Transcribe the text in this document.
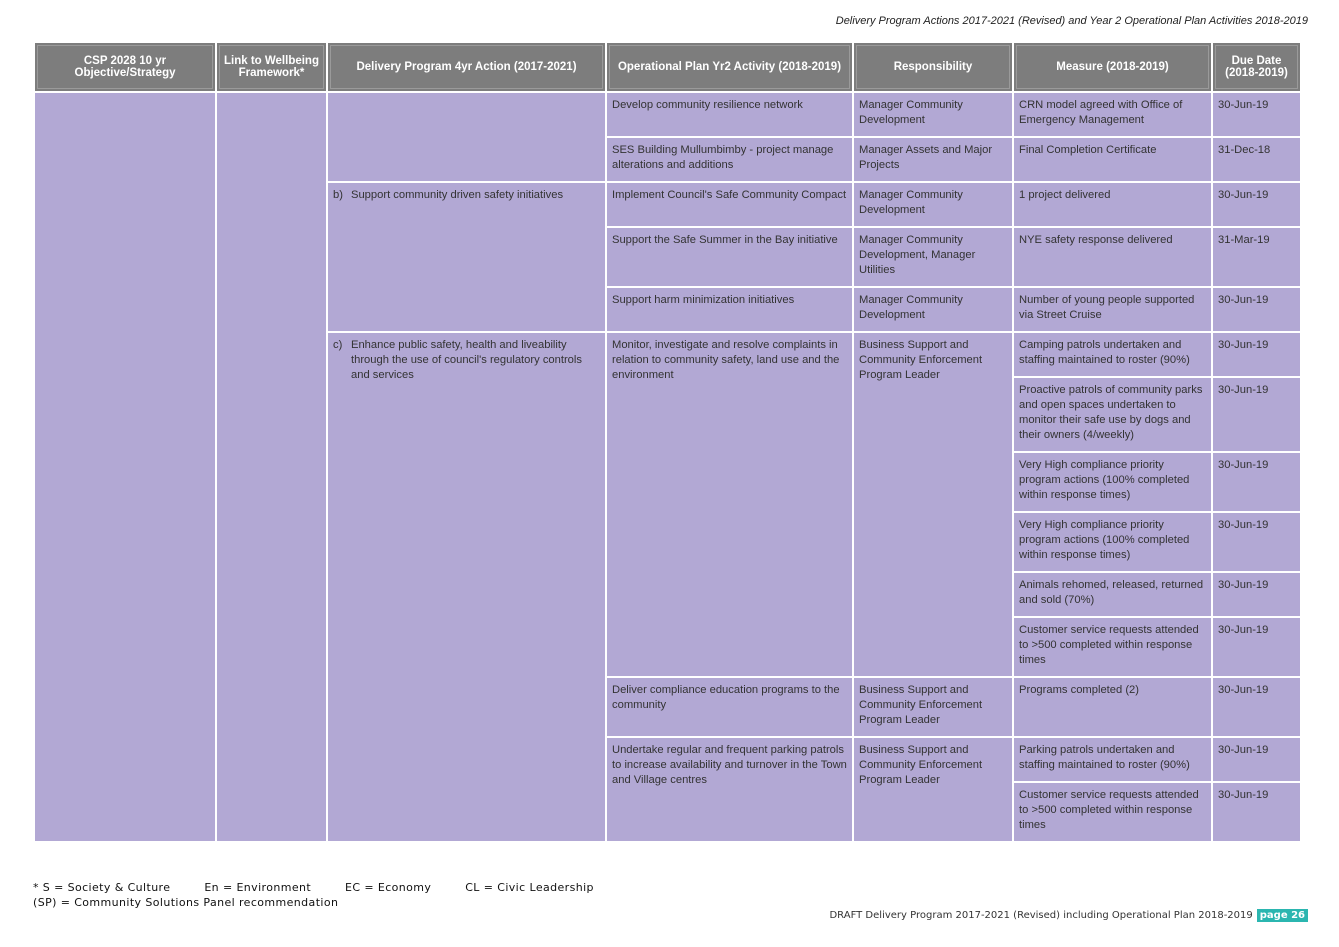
Delivery Program Actions 2017-2021 (Revised) and Year 2 Operational Plan Activities 2018-2019
CSP 2028 10 yr Objective/Strategy	Link to Wellbeing Framework*	Delivery Program 4yr Action (2017-2021)	Operational Plan Yr2 Activity (2018-2019)	Responsibility	Measure (2018-2019)	Due Date (2018-2019)
			Develop community resilience network	Manager Community Development	CRN model agreed with Office of Emergency Management	30-Jun-19
			SES Building Mullumbimby - project manage alterations and additions	Manager Assets and Major Projects	Final Completion Certificate	31-Dec-18

		b) Support community driven safety initiatives	Implement Council's Safe Community Compact	Manager Community Development	1 project delivered	30-Jun-19
			Support the Safe Summer in the Bay initiative	Manager Community Development, Manager Utilities	NYE safety response delivered	31-Mar-19
			Support harm minimization initiatives	Manager Community Development	Number of young people supported via Street Cruise	30-Jun-19

		c) Enhance public safety, health and liveability through the use of council's regulatory controls and services	Monitor, investigate and resolve complaints in relation to community safety, land use and the environment	Business Support and Community Enforcement Program Leader	Camping patrols undertaken and staffing maintained to roster (90%)	30-Jun-19
					Proactive patrols of community parks and open spaces undertaken to monitor their safe use by dogs and their owners (4/weekly)	30-Jun-19
					Very High compliance priority program actions (100% completed within response times)	30-Jun-19
					Very High compliance priority program actions (100% completed within response times)	30-Jun-19
					Animals rehomed, released, returned and sold (70%)	30-Jun-19
					Customer service requests attended to >500 completed within response times	30-Jun-19
			Deliver compliance education programs to the community	Business Support and Community Enforcement Program Leader	Programs completed (2)	30-Jun-19
			Undertake regular and frequent parking patrols to increase availability and turnover in the Town and Village centres	Business Support and Community Enforcement Program Leader	Parking patrols undertaken and staffing maintained to roster (90%)	30-Jun-19
					Customer service requests attended to >500 completed within response times	30-Jun-19
* S = Society & Culture	En = Environment	EC = Economy	CL = Civic Leadership
(SP) = Community Solutions Panel recommendation
DRAFT Delivery Program 2017-2021 (Revised) including Operational Plan 2018-2019 page 26
